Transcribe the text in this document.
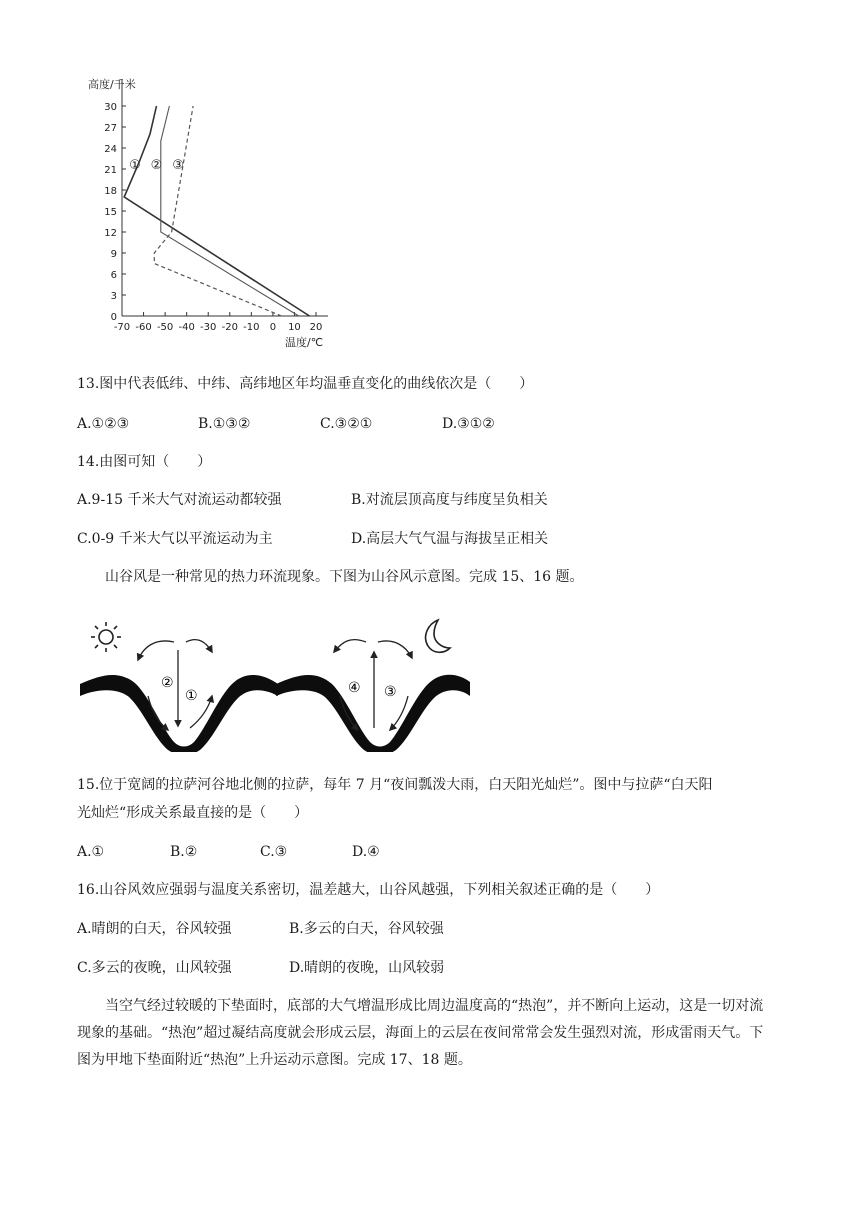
0
3
6
9
12
15
18
21
24
27
30
-70 -60 -50 -40 -30 -20 -10 0 10 20
高度/千米
温度/℃
① ② ③
13.图中代表低纬、中纬、高纬地区年均温垂直变化的曲线依次是（　　）
A.①②③	B.①③②	C.③②①	D.③①②
14.由图可知（　　）
A.9-15 千米大气对流运动都较强	B.对流层顶高度与纬度呈负相关
C.0-9 千米大气以平流运动为主	D.高层大气气温与海拔呈正相关
山谷风是一种常见的热力环流现象。下图为山谷风示意图。完成 15、16 题。
②
①	④ ③
15.位于宽阔的拉萨河谷地北侧的拉萨，每年 7 月“夜间瓢泼大雨，白天阳光灿烂”。图中与拉萨“白天阳
光灿烂“形成关系最直接的是（　　）
A.①	B.②	C.③	D.④
16.山谷风效应强弱与温度关系密切，温差越大，山谷风越强，下列相关叙述正确的是（　　）
A.晴朗的白天，谷风较强	B.多云的白天，谷风较强
C.多云的夜晚，山风较强	D.晴朗的夜晚，山风较弱
当空气经过较暖的下垫面时，底部的大气增温形成比周边温度高的“热泡”，并不断向上运动，这是一切对流现象的基础。“热泡”超过凝结高度就会形成云层，海面上的云层在夜间常常会发生强烈对流，形成雷雨天气。下图为甲地下垫面附近“热泡”上升运动示意图。完成 17、18 题。
